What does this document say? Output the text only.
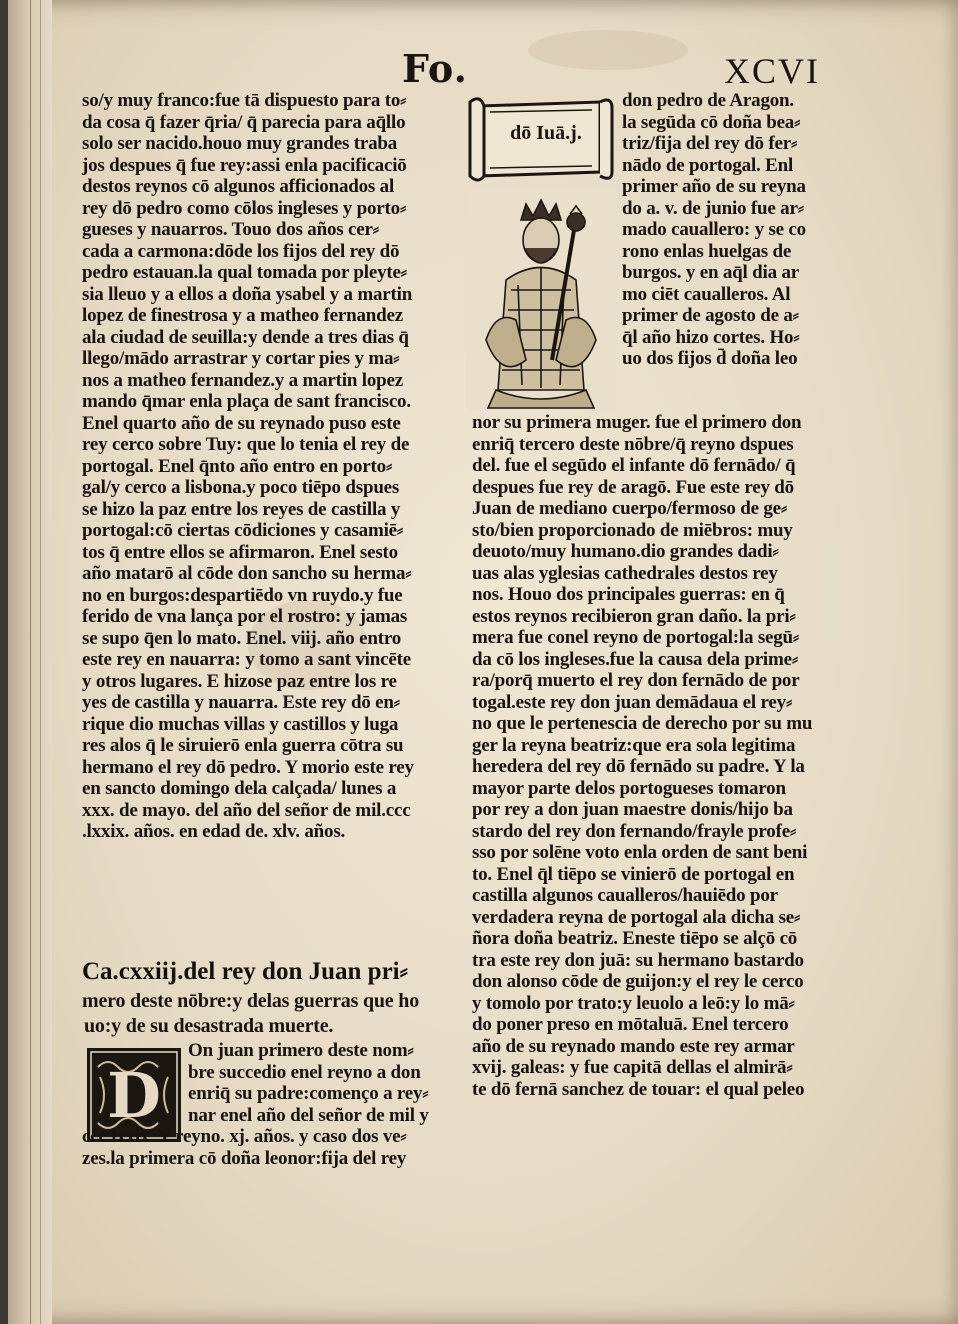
Fo.	XCVI
so/y muy franco:fue tā dispuesto para to⸗
da cosa q̄ fazer q̄ria/ q̄ parecia para aq̄llo
solo ser nacido.houo muy grandes traba
jos despues q̄ fue rey:assi enla pacificaciō
destos reynos cō algunos afficionados al
rey dō pedro como cōlos ingleses y porto⸗
gueses y nauarros. Touo dos años cer⸗
cada a carmona:dōde los fijos del rey dō
pedro estauan.la qual tomada por pleyte⸗
sia lleuo y a ellos a doña ysabel y a martin
lopez de finestrosa y a matheo fernandez
ala ciudad de seuilla:y dende a tres dias q̄
llego/mādo arrastrar y cortar pies y ma⸗
nos a matheo fernandez.y a martin lopez
mando q̄mar enla plaça de sant francisco.
Enel quarto año de su reynado puso este
rey cerco sobre Tuy: que lo tenia el rey de
portogal. Enel q̄nto año entro en porto⸗
gal/y cerco a lisbona.y poco tiēpo dspues
se hizo la paz entre los reyes de castilla y
portogal:cō ciertas cōdiciones y casamiē⸗
tos q̄ entre ellos se afirmaron. Enel sesto
año matarō al cōde don sancho su herma⸗
no en burgos:despartiēdo vn ruydo.y fue
ferido de vna lança por el rostro: y jamas
se supo q̄en lo mato. Enel. viij. año entro
este rey en nauarra: y tomo a sant vincēte
y otros lugares. E hizose paz entre los re
yes de castilla y nauarra. Este rey dō en⸗
rique dio muchas villas y castillos y luga
res alos q̄ le siruierō enla guerra cōtra su
hermano el rey dō pedro. Y morio este rey
en sancto domingo dela calçada/ lunes a
xxx. de mayo. del año del señor de mil.ccc
.lxxix. años. en edad de. xlv. años.
Ca.cxxiij.del rey don Juan pri⸗
mero deste nōbre:y delas guerras que ho
uo:y de su desastrada muerte.
D
On juan primero deste nom⸗
bre succedio enel reyno a don
enriq̄ su padre:començo a rey⸗
nar enel año del señor de mil y
ccc.lxxix. Y reyno. xj. años. y caso dos ve⸗
zes.la primera cō doña leonor:fija del rey
dō Iuā.j.
don pedro de Aragon.
la segūda cō doña bea⸗
triz/fija del rey dō fer⸗
nādo de portogal. Enl
primer año de su reyna
do a. v. de junio fue ar⸗
mado cauallero: y se co
rono enlas huelgas de
burgos. y en aq̄l dia ar
mo ciēt caualleros. Al
primer de agosto de a⸗
q̄l año hizo cortes. Ho⸗
uo dos fijos d̄ doña leo
nor su primera muger. fue el primero don
enriq̄ tercero deste nōbre/q̄ reyno dspues
del. fue el segūdo el infante dō fernādo/ q̄
despues fue rey de aragō. Fue este rey dō
Juan de mediano cuerpo/fermoso de ge⸗
sto/bien proporcionado de miēbros: muy
deuoto/muy humano.dio grandes dadi⸗
uas alas yglesias cathedrales destos rey
nos. Houo dos principales guerras: en q̄
estos reynos recibieron gran daño. la pri⸗
mera fue conel reyno de portogal:la segū⸗
da cō los ingleses.fue la causa dela prime⸗
ra/porq̄ muerto el rey don fernādo de por
togal.este rey don juan demādaua el rey⸗
no que le pertenescia de derecho por su mu
ger la reyna beatriz:que era sola legitima
heredera del rey dō fernādo su padre. Y la
mayor parte delos portogueses tomaron
por rey a don juan maestre donis/hijo ba
stardo del rey don fernando/frayle profe⸗
sso por solēne voto enla orden de sant beni
to. Enel q̄l tiēpo se vinierō de portogal en
castilla algunos caualleros/hauiēdo por
verdadera reyna de portogal ala dicha se⸗
ñora doña beatriz. Eneste tiēpo se alçō cō
tra este rey don juā: su hermano bastardo
don alonso cōde de guijon:y el rey le cerco
y tomolo por trato:y leuolo a leō:y lo mā⸗
do poner preso en mōtaluā. Enel tercero
año de su reynado mando este rey armar
xvij. galeas: y fue capitā dellas el almirā⸗
te dō fernā sanchez de touar: el qual peleo
